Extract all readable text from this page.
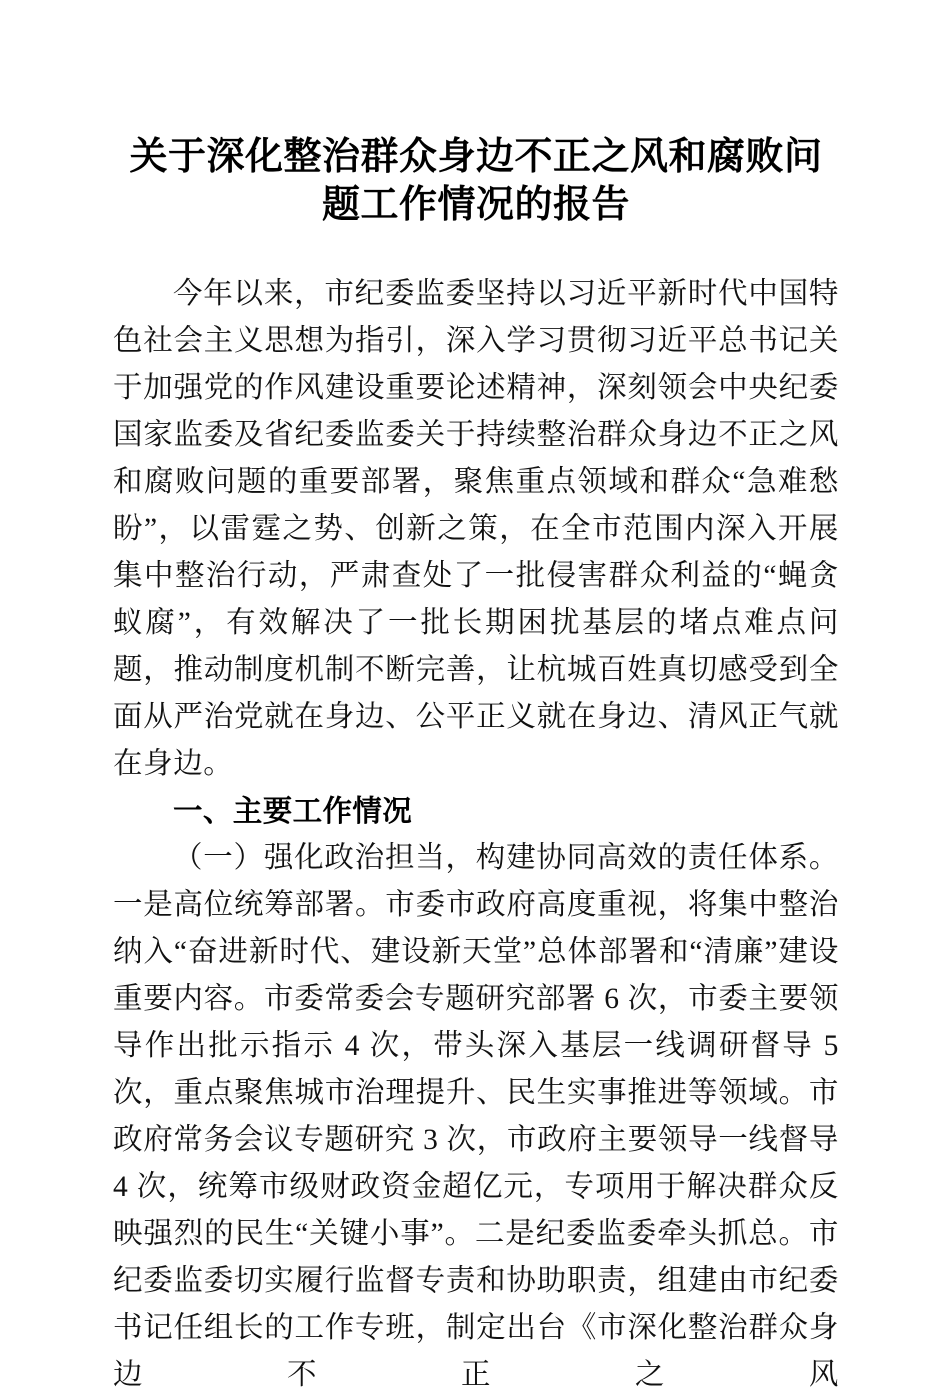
关于深化整治群众身边不正之风和腐败问题工作情况的报告

今年以来，市纪委监委坚持以习近平新时代中国特色社会主义思想为指引，深入学习贯彻习近平总书记关于加强党的作风建设重要论述精神，深刻领会中央纪委国家监委及省纪委监委关于持续整治群众身边不正之风和腐败问题的重要部署，聚焦重点领域和群众“急难愁盼”，以雷霆之势、创新之策，在全市范围内深入开展集中整治行动，严肃查处了一批侵害群众利益的“蝇贪蚁腐”，有效解决了一批长期困扰基层的堵点难点问题，推动制度机制不断完善，让杭城百姓真切感受到全面从严治党就在身边、公平正义就在身边、清风正气就在身边。

一、主要工作情况

（一）强化政治担当，构建协同高效的责任体系。一是高位统筹部署。市委市政府高度重视，将集中整治纳入“奋进新时代、建设新天堂”总体部署和“清廉”建设重要内容。市委常委会专题研究部署 6 次，市委主要领导作出批示指示 4 次，带头深入基层一线调研督导 5 次，重点聚焦城市治理提升、民生实事推进等领域。市政府常务会议专题研究 3 次，市政府主要领导一线督导 4 次，统筹市级财政资金超亿元，专项用于解决群众反映强烈的民生“关键小事”。二是纪委监委牵头抓总。市纪委监委切实履行监督专责和协助职责，组建由市纪委书记任组长的工作专班，制定出台《市深化整治群众身边不正之风
